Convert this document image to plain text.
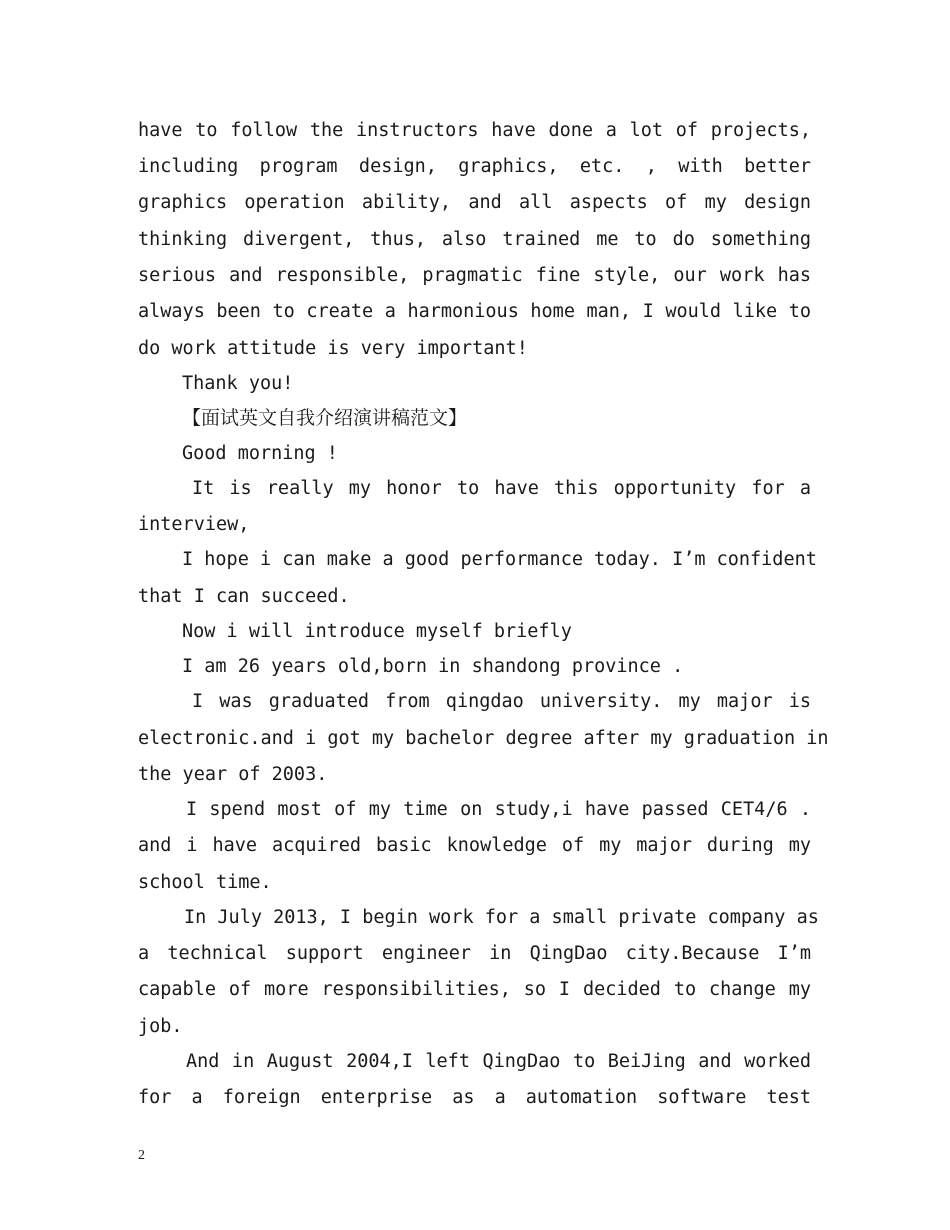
have to follow the instructors have done a lot of projects,
including program design, graphics, etc. , with better
graphics operation ability, and all aspects of my design
thinking divergent, thus, also trained me to do something
serious and responsible, pragmatic fine style, our work has
always been to create a harmonious home man, I would like to
do work attitude is very important!
Thank you!
【面试英文自我介绍演讲稿范文】
Good morning !
It is really my honor to have this opportunity for a
interview,
I hope i can make a good performance today. I’m confident
that I can succeed.
Now i will introduce myself briefly
I am 26 years old,born in shandong province .
I was graduated from qingdao university. my major is
electronic.and i got my bachelor degree after my graduation in
the year of 2003.
I spend most of my time on study,i have passed CET4/6 .
and i have acquired basic knowledge of my major during my
school time.
In July 2013, I begin work for a small private company as
a technical support engineer in QingDao city.Because I’m
capable of more responsibilities, so I decided to change my
job.
And in August 2004,I left QingDao to BeiJing and worked
for a foreign enterprise as a automation software test
2
